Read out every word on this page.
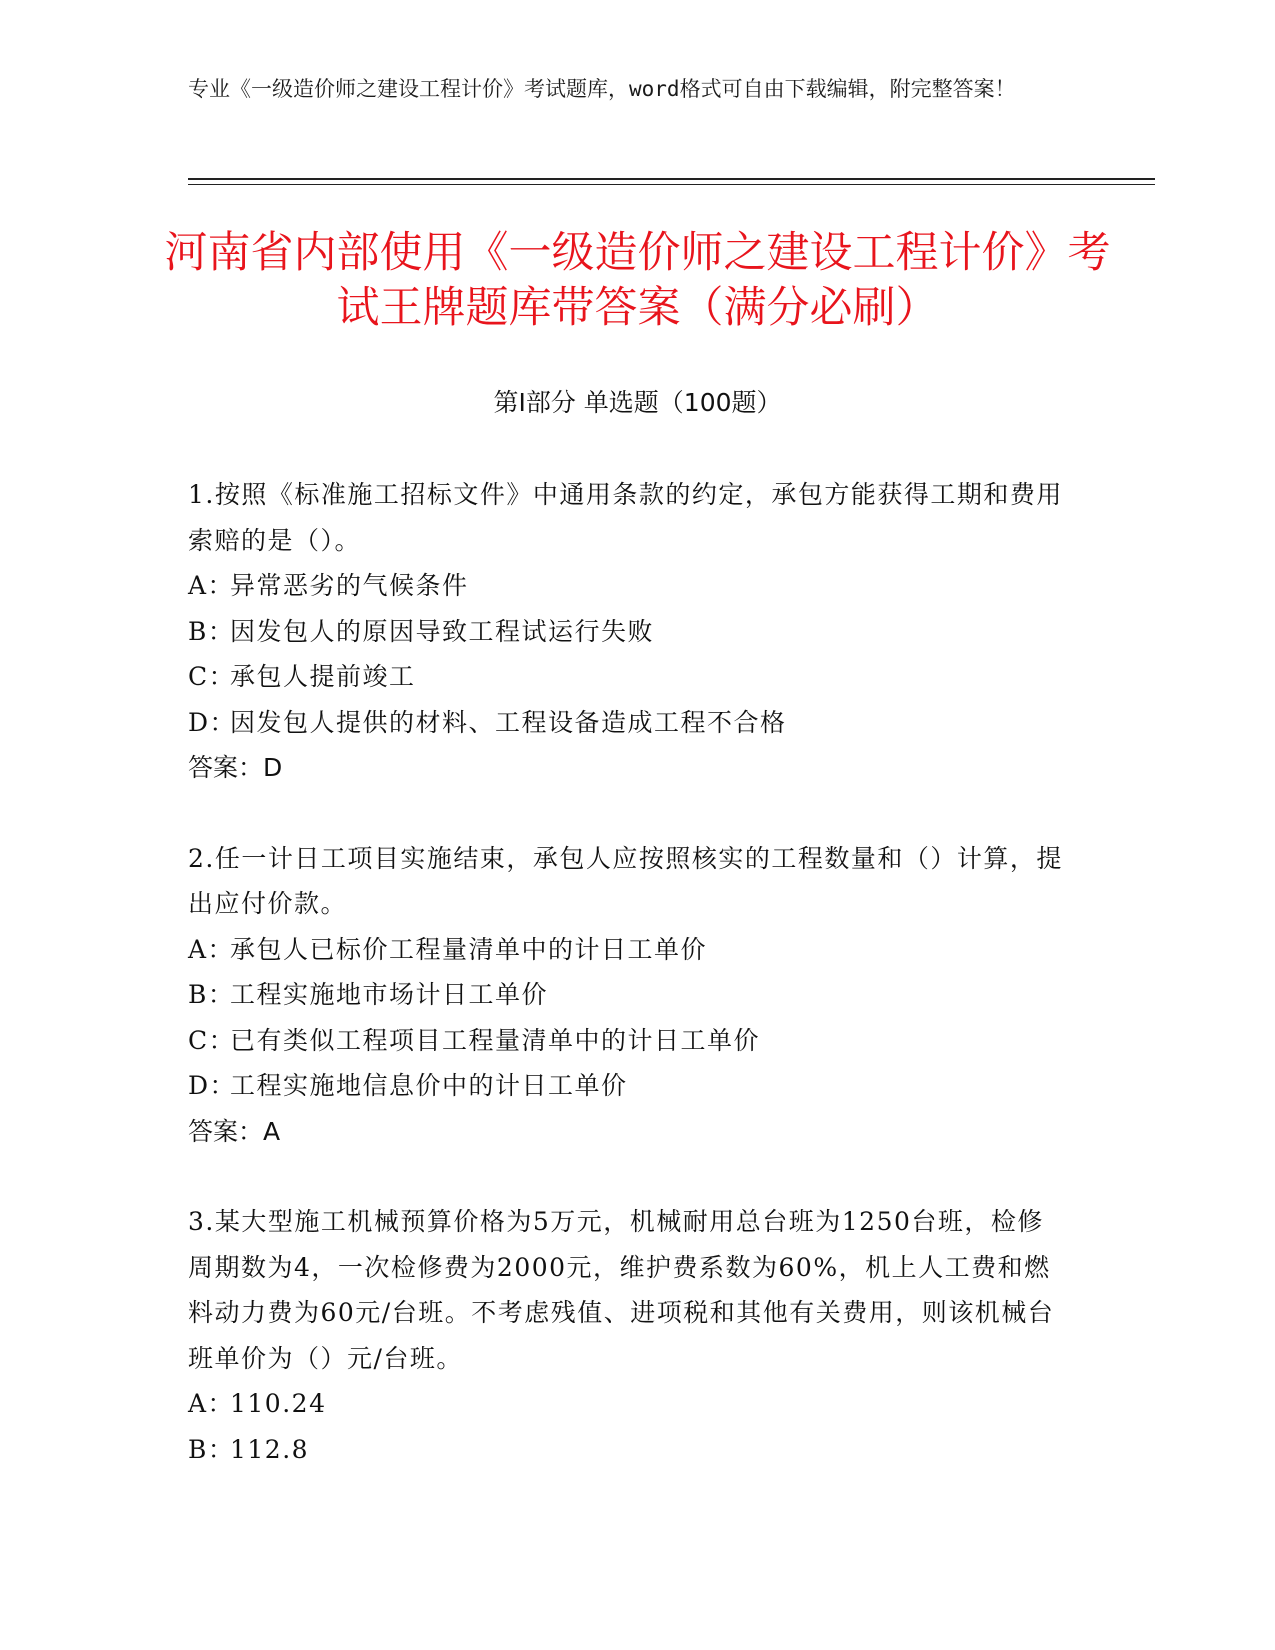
专业《一级造价师之建设工程计价》考试题库，word格式可自由下载编辑，附完整答案！
河南省内部使用《一级造价师之建设工程计价》考试王牌题库带答案（满分必刷）
第Ⅰ部分 单选题（100题）
1.按照《标准施工招标文件》中通用条款的约定，承包方能获得工期和费用索赔的是（）。
A：异常恶劣的气候条件
B：因发包人的原因导致工程试运行失败
C：承包人提前竣工
D：因发包人提供的材料、工程设备造成工程不合格
答案：D
2.任一计日工项目实施结束，承包人应按照核实的工程数量和（）计算，提出应付价款。
A：承包人已标价工程量清单中的计日工单价
B：工程实施地市场计日工单价
C：已有类似工程项目工程量清单中的计日工单价
D：工程实施地信息价中的计日工单价
答案：A
3.某大型施工机械预算价格为5万元，机械耐用总台班为1250台班，检修周期数为4，一次检修费为2000元，维护费系数为60%，机上人工费和燃料动力费为60元/台班。不考虑残值、进项税和其他有关费用，则该机械台班单价为（）元/台班。
A：110.24
B：112.8
